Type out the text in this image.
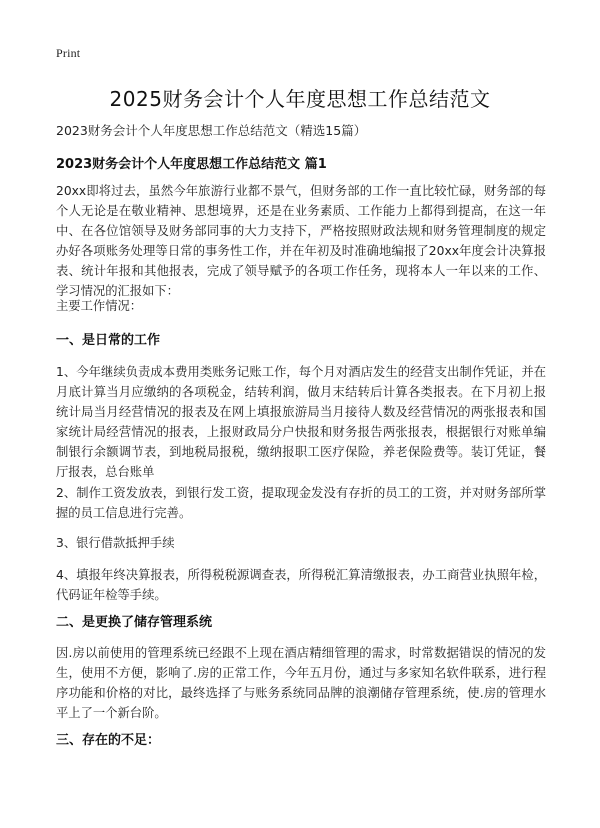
Print
2025财务会计个人年度思想工作总结范文
2023财务会计个人年度思想工作总结范文（精选15篇）
2023财务会计个人年度思想工作总结范文 篇1
20xx即将过去，虽然今年旅游行业都不景气，但财务部的工作一直比较忙碌，财务部的每个人无论是在敬业精神、思想境界，还是在业务素质、工作能力上都得到提高，在这一年中、在各位馆领导及财务部同事的大力支持下，严格按照财政法规和财务管理制度的规定办好各项账务处理等日常的事务性工作，并在年初及时准确地编报了20xx年度会计决算报表、统计年报和其他报表，完成了领导赋予的各项工作任务，现将本人一年以来的工作、学习情况的汇报如下：
主要工作情况：
一、是日常的工作
1、今年继续负责成本费用类账务记账工作，每个月对酒店发生的经营支出制作凭证，并在月底计算当月应缴纳的各项税金，结转利润，做月末结转后计算各类报表。在下月初上报统计局当月经营情况的报表及在网上填报旅游局当月接待人数及经营情况的两张报表和国家统计局经营情况的报表，上报财政局分户快报和财务报告两张报表，根据银行对账单编制银行余额调节表，到地税局报税，缴纳报职工医疗保险，养老保险费等。装订凭证，餐厅报表，总台账单
2、制作工资发放表，到银行发工资，提取现金发没有存折的员工的工资，并对财务部所掌握的员工信息进行完善。
3、银行借款抵押手续
4、填报年终决算报表，所得税税源调查表，所得税汇算清缴报表，办工商营业执照年检，代码证年检等手续。
二、是更换了储存管理系统
因.房以前使用的管理系统已经跟不上现在酒店精细管理的需求，时常数据错误的情况的发生，使用不方便，影响了.房的正常工作，今年五月份，通过与多家知名软件联系，进行程序功能和价格的对比，最终选择了与账务系统同品牌的浪潮储存管理系统，使.房的管理水平上了一个新台阶。
三、存在的不足：
